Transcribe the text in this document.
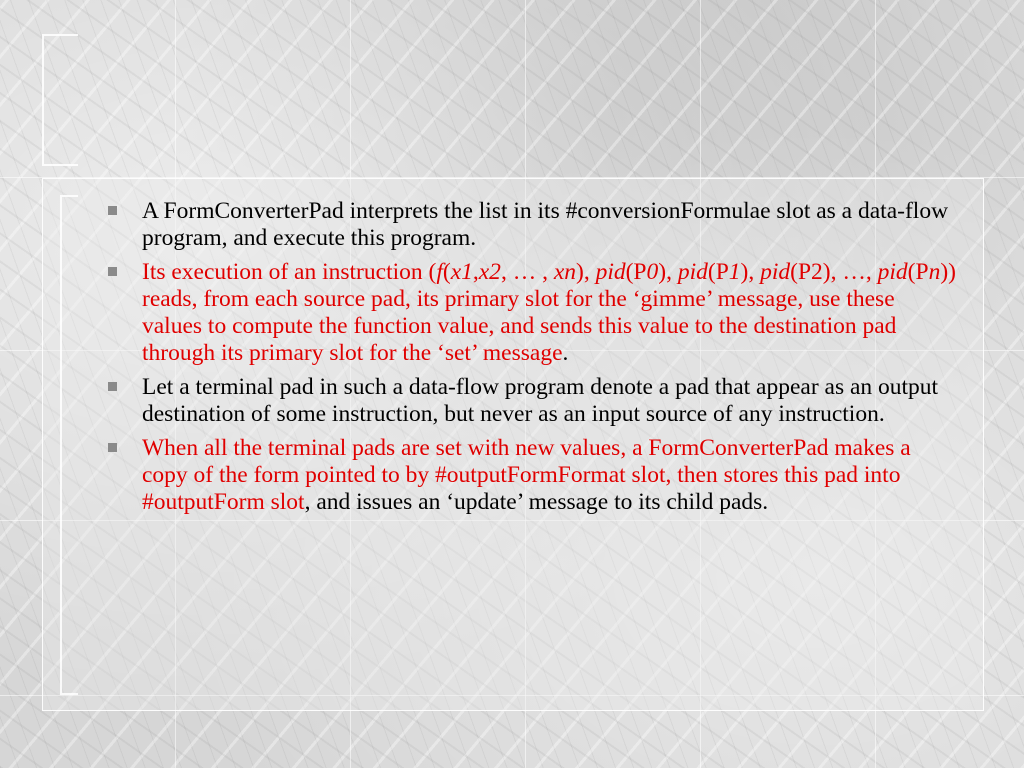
A FormConverterPad interprets the list in its #conversionFormulae slot as a data-flow program, and execute this program.
Its execution of an instruction (f(x1,x2, … , xn), pid(P0), pid(P1), pid(P2), …, pid(Pn)) reads, from each source pad, its primary slot for the ‘gimme’ message, use these values to compute the function value, and sends this value to the destination pad through its primary slot for the ‘set’ message.
Let a terminal pad in such a data-flow program denote a pad that appear as an output destination of some instruction, but never as an input source of any instruction.
When all the terminal pads are set with new values, a FormConverterPad makes a copy of the form pointed to by #outputFormFormat slot, then stores this pad into #outputForm slot, and issues an ‘update’ message to its child pads.
